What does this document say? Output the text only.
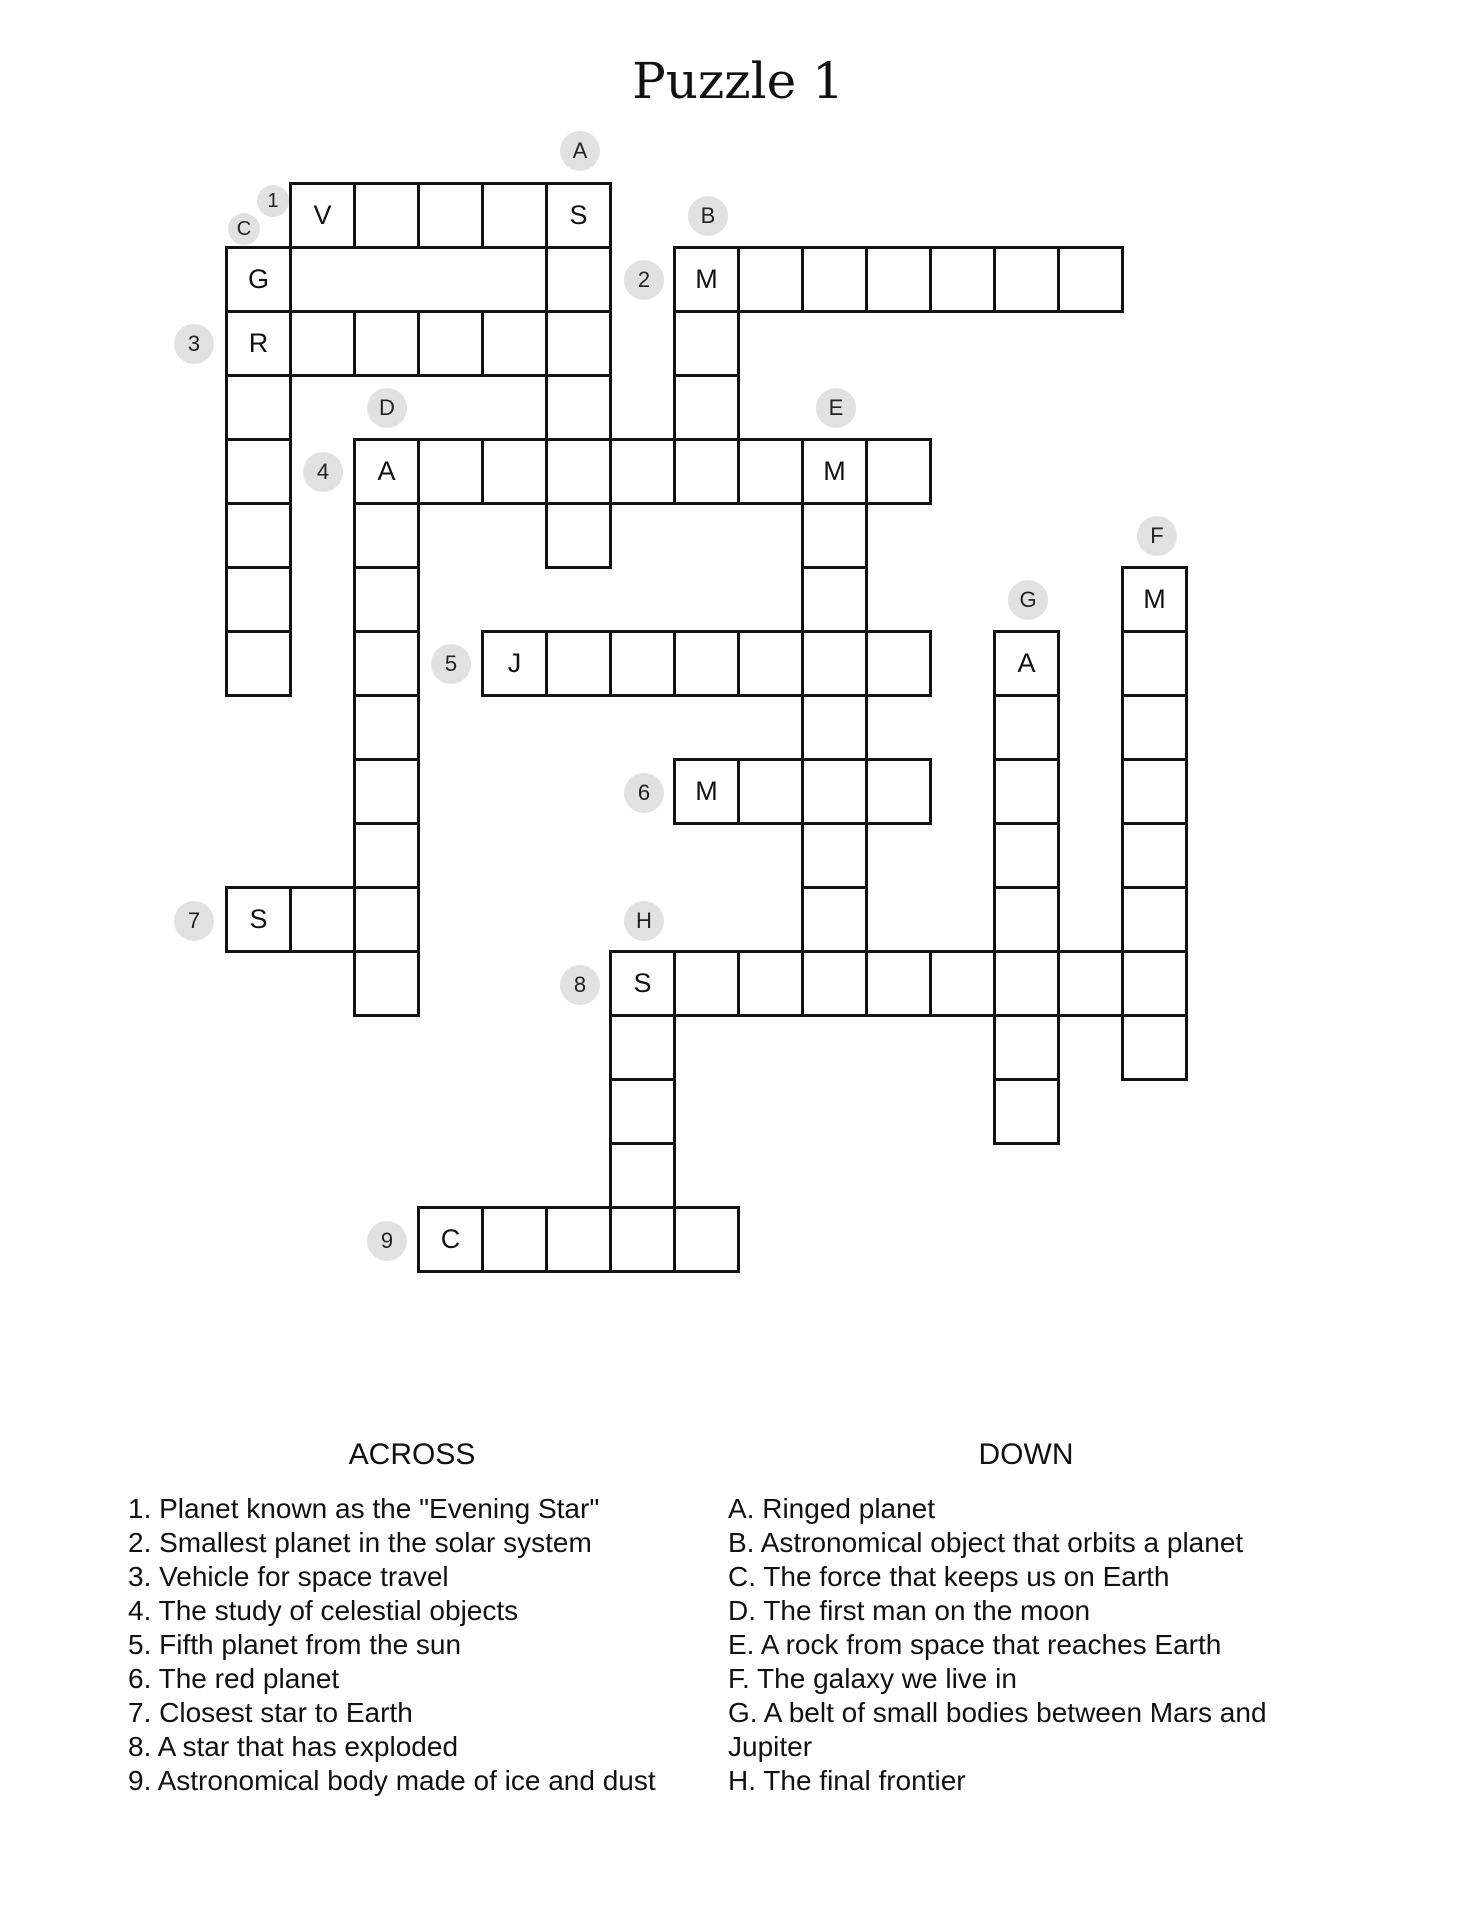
Puzzle 1
V	S
M
R
A	M
J
M
S
S
C
G
M
A
1
2
3
4
5
6
7
8
9
A
B
C
D	E
F
G
H
ACROSS	DOWN
1. Planet known as the "Evening Star"
2. Smallest planet in the solar system
3. Vehicle for space travel
4. The study of celestial objects
5. Fifth planet from the sun
6. The red planet
7. Closest star to Earth
8. A star that has exploded
9. Astronomical body made of ice and dust
A. Ringed planet
B. Astronomical object that orbits a planet
C. The force that keeps us on Earth
D. The first man on the moon
E. A rock from space that reaches Earth
F. The galaxy we live in
G. A belt of small bodies between Mars and Jupiter
H. The final frontier
